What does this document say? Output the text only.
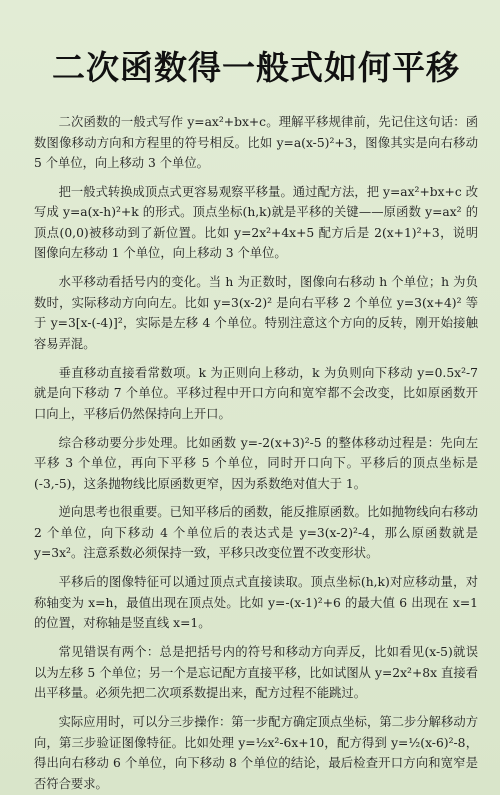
二次函数得一般式如何平移

二次函数的一般式写作 y=ax²+bx+c。理解平移规律前，先记住这句话：函数图像移动方向和方程里的符号相反。比如 y=a(x-5)²+3，图像其实是向右移动 5 个单位，向上移动 3 个单位。

把一般式转换成顶点式更容易观察平移量。通过配方法，把 y=ax²+bx+c 改写成 y=a(x-h)²+k 的形式。顶点坐标(h,k)就是平移的关键——原函数 y=ax² 的顶点(0,0)被移动到了新位置。比如 y=2x²+4x+5 配方后是 2(x+1)²+3，说明图像向左移动 1 个单位，向上移动 3 个单位。

水平移动看括号内的变化。当 h 为正数时，图像向右移动 h 个单位；h 为负数时，实际移动方向向左。比如 y=3(x-2)² 是向右平移 2 个单位 y=3(x+4)² 等于 y=3[x-(-4)]²，实际是左移 4 个单位。特别注意这个方向的反转，刚开始接触容易弄混。

垂直移动直接看常数项。k 为正则向上移动，k 为负则向下移动 y=0.5x²-7 就是向下移动 7 个单位。平移过程中开口方向和宽窄都不会改变，比如原函数开口向上，平移后仍然保持向上开口。

综合移动要分步处理。比如函数 y=-2(x+3)²-5 的整体移动过程是：先向左平移 3 个单位，再向下平移 5 个单位，同时开口向下。平移后的顶点坐标是(-3,-5)，这条抛物线比原函数更窄，因为系数绝对值大于 1。

逆向思考也很重要。已知平移后的函数，能反推原函数。比如抛物线向右移动 2 个单位，向下移动 4 个单位后的表达式是 y=3(x-2)²-4，那么原函数就是 y=3x²。注意系数必须保持一致，平移只改变位置不改变形状。

平移后的图像特征可以通过顶点式直接读取。顶点坐标(h,k)对应移动量，对称轴变为 x=h，最值出现在顶点处。比如 y=-(x-1)²+6 的最大值 6 出现在 x=1 的位置，对称轴是竖直线 x=1。

常见错误有两个：总是把括号内的符号和移动方向弄反，比如看见(x-5)就误以为左移 5 个单位；另一个是忘记配方直接平移，比如试图从 y=2x²+8x 直接看出平移量。必须先把二次项系数提出来，配方过程不能跳过。

实际应用时，可以分三步操作：第一步配方确定顶点坐标，第二步分解移动方向，第三步验证图像特征。比如处理 y=½x²-6x+10，配方得到 y=½(x-6)²-8，得出向右移动 6 个单位，向下移动 8 个单位的结论，最后检查开口方向和宽窄是否符合要求。
